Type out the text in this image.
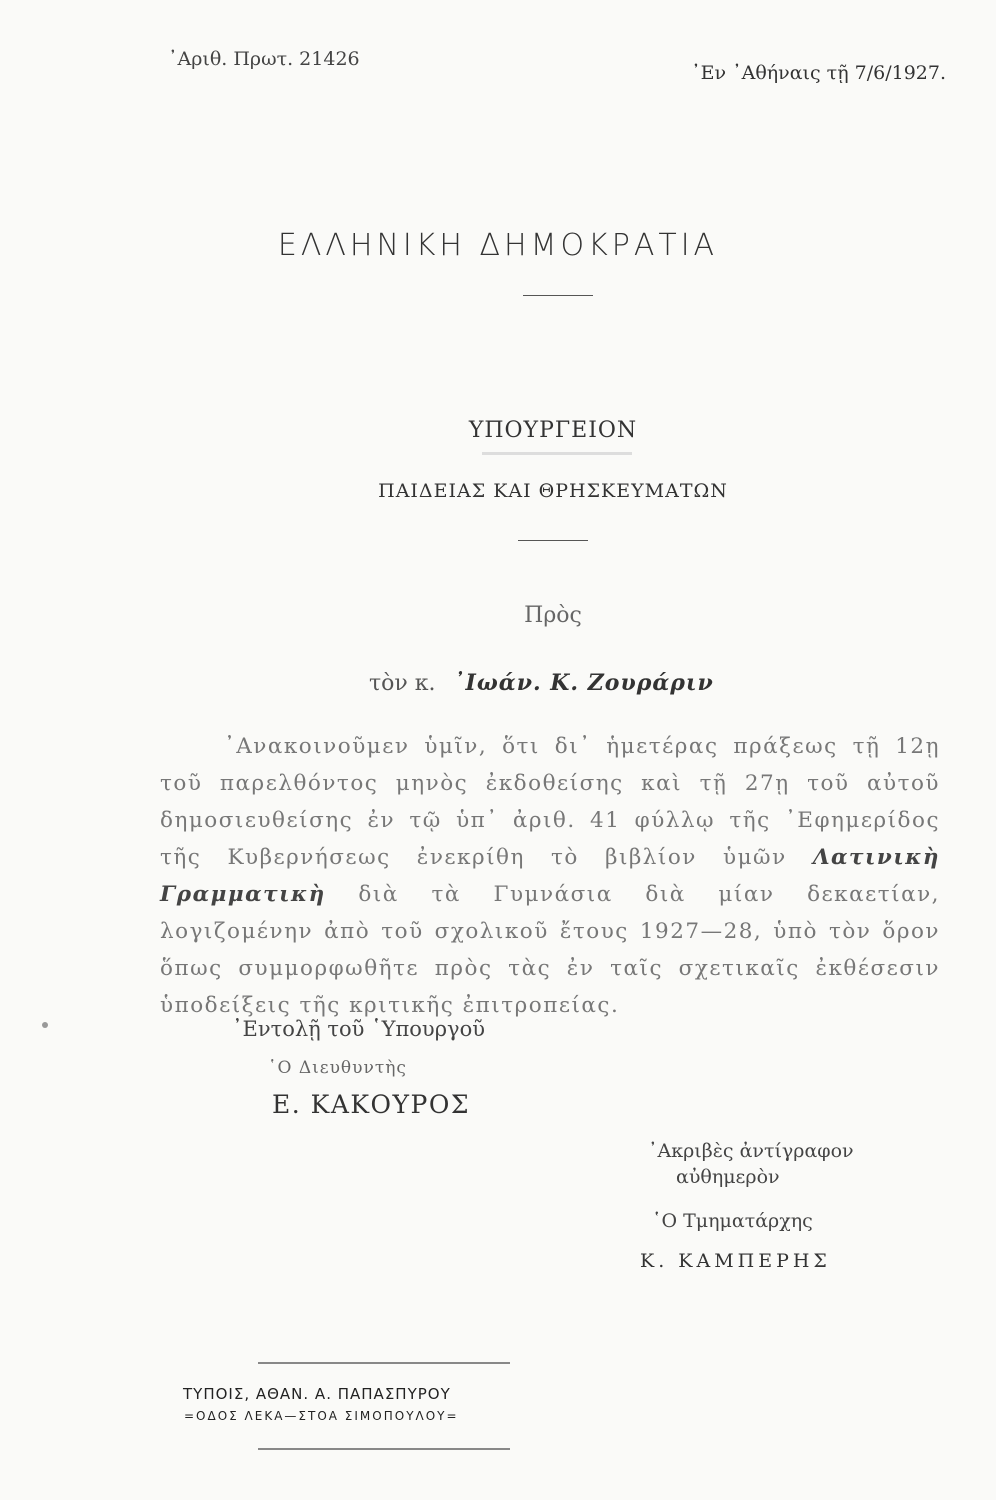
᾿Αριθ. Πρωτ. 21426
᾿Εν ᾿Αθήναις τῇ 7/6/1927.
ΕΛΛΗΝΙΚΗ ΔΗΜΟΚΡΑΤΙΑ
ΥΠΟΥΡΓΕΙΟΝ
ΠΑΙΔΕΙΑΣ ΚΑΙ ΘΡΗΣΚΕΥΜΑΤΩΝ
Πρὸς
τὸν κ. ᾿Ιωάν. Κ. Ζουράριν

᾿Ανακοινοῦμεν ὑμῖν, ὅτι δι᾿ ἡμετέρας πράξεως τῇ 12ῃ τοῦ παρελθόντος μηνὸς ἐκδοθείσης καὶ τῇ 27ῃ τοῦ αὐτοῦ δημοσιευθείσης ἐν τῷ ὑπ᾿ ἀριθ. 41 φύλλῳ τῆς ᾿Εφημερίδος τῆς Κυβερνήσεως ἐνεκρίθη τὸ βιβλίον ὑμῶν Λατινικὴ Γραμματικὴ διὰ τὰ Γυμνάσια διὰ μίαν δεκαετίαν, λογιζομένην ἀπὸ τοῦ σχολικοῦ ἔτους 1927—28, ὑπὸ τὸν ὅρον ὅπως συμμορφωθῆτε πρὸς τὰς ἐν ταῖς σχετικαῖς ἐκθέσεσιν ὑποδείξεις τῆς κριτικῆς ἐπιτροπείας.

᾿Εντολῇ τοῦ ῾Υπουργοῦ
῾Ο Διευθυντὴς
Ε. ΚΑΚΟΥΡΟΣ
᾿Ακριβὲς ἀντίγραφον
αὐθημερὸν
῾Ο Τμηματάρχης
Κ. ΚΑΜΠΕΡΗΣ
ΤΥΠΟΙΣ, ΑΘΑΝ. Α. ΠΑΠΑΣΠΥΡΟΥ
=ΟΔΟΣ ΛΕΚΑ—ΣΤΟΑ ΣΙΜΟΠΟΥΛΟΥ=
